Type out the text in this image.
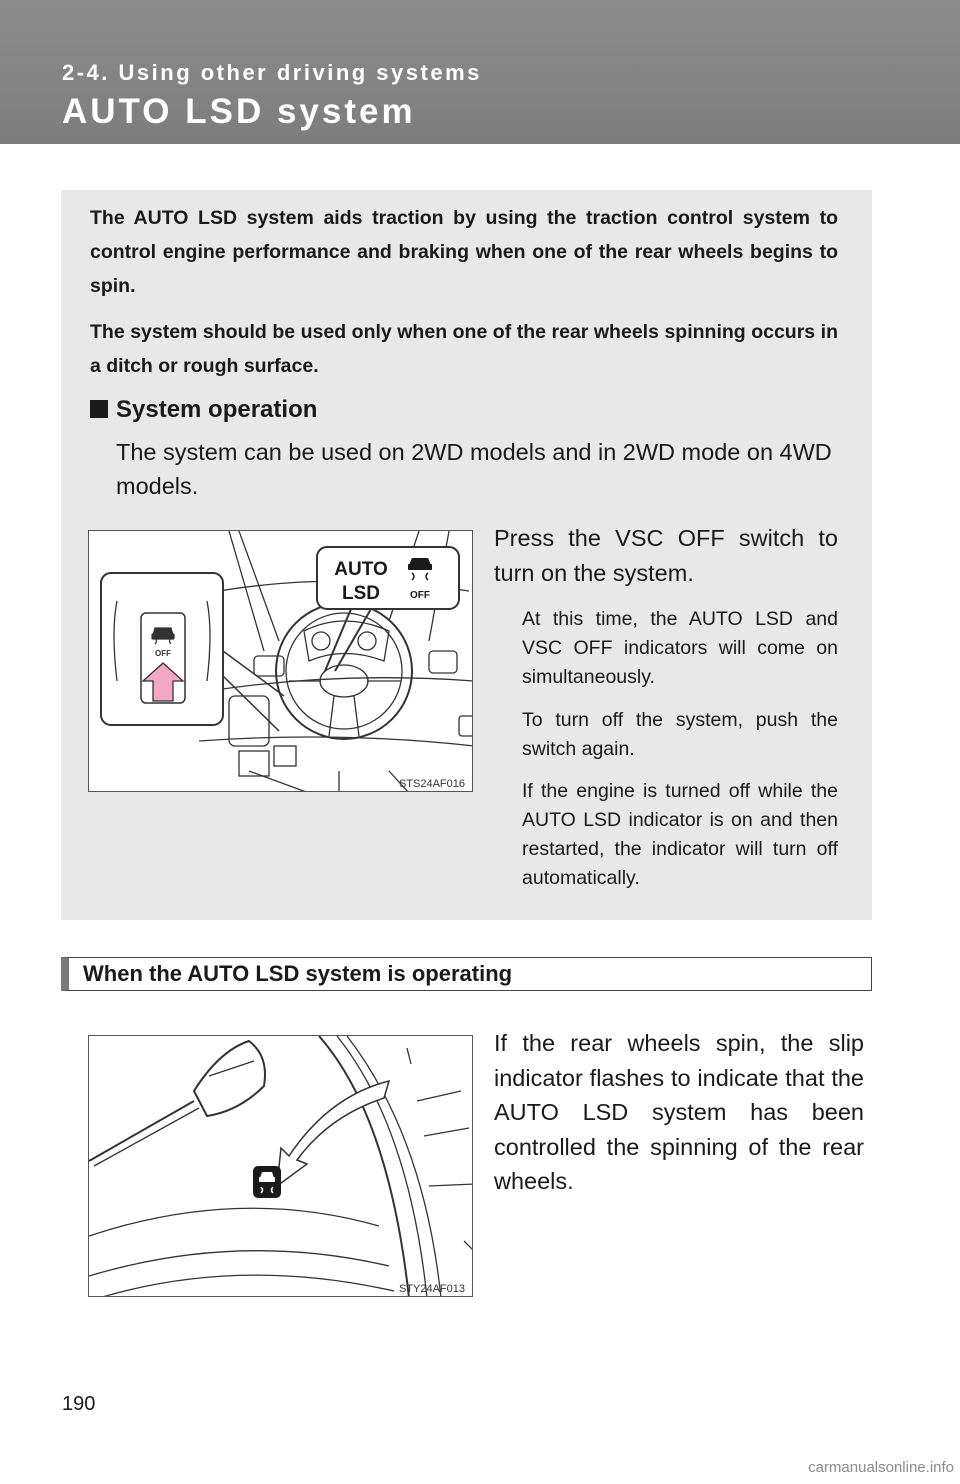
2-4. Using other driving systems
AUTO LSD system

The AUTO LSD system aids traction by using the traction control system to control engine performance and braking when one of the rear wheels begins to spin.

The system should be used only when one of the rear wheels spinning occurs in a ditch or rough surface.

System operation

The system can be used on 2WD models and in 2WD mode on 4WD models.

OFF
AUTO
LSD	OFF
STS24AF016

Press the VSC OFF switch to turn on the system.

At this time, the AUTO LSD and VSC OFF indicators will come on simultaneously.

To turn off the system, push the switch again.

If the engine is turned off while the AUTO LSD indicator is on and then restarted, the indicator will turn off automatically.

When the AUTO LSD system is operating
STY24AF013

If the rear wheels spin, the slip indicator flashes to indicate that the AUTO LSD system has been controlled the spinning of the rear wheels.

190
carmanualsonline.info
